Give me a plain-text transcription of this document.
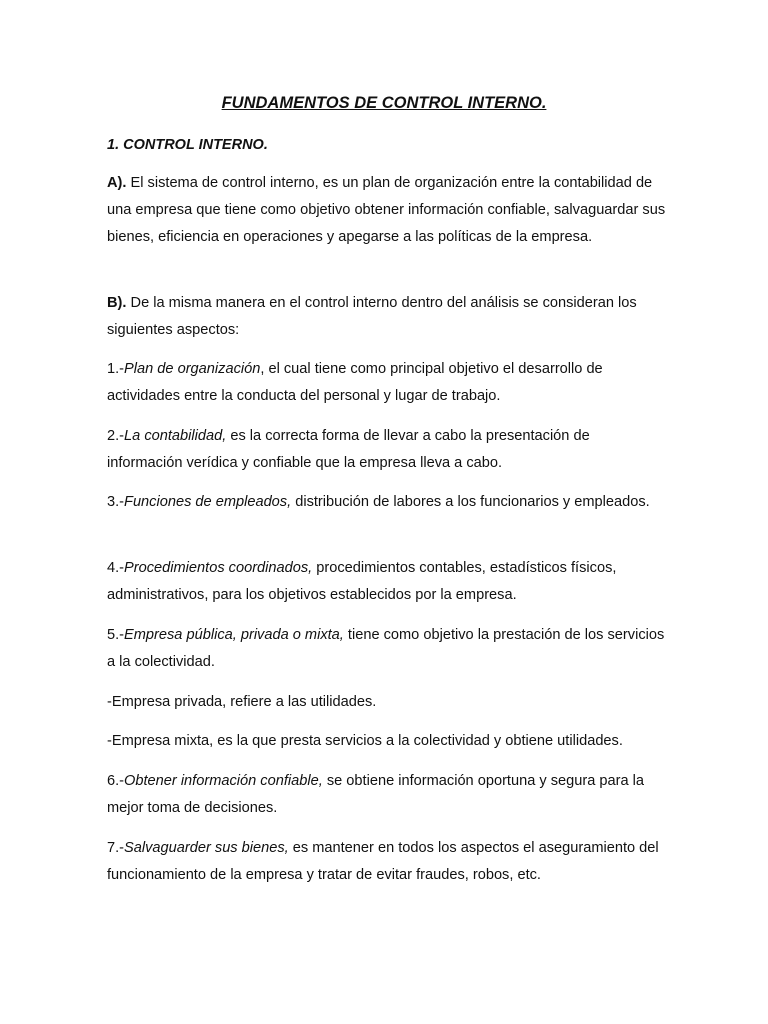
FUNDAMENTOS DE CONTROL INTERNO.
1. CONTROL INTERNO.

A). El sistema de control interno, es un plan de organización entre la contabilidad de una empresa que tiene como objetivo obtener información confiable, salvaguardar sus bienes, eficiencia en operaciones y apegarse a las políticas de la empresa.

B). De la misma manera en el control interno dentro del análisis se consideran los siguientes aspectos:

1.-Plan de organización, el cual tiene como principal objetivo el desarrollo de actividades entre la conducta del personal y lugar de trabajo.

2.-La contabilidad, es la correcta forma de llevar a cabo la presentación de información verídica y confiable que la empresa lleva a cabo.

3.-Funciones de empleados, distribución de labores a los funcionarios y empleados.

4.-Procedimientos coordinados, procedimientos contables, estadísticos físicos, administrativos, para los objetivos establecidos por la empresa.

5.-Empresa pública, privada o mixta, tiene como objetivo la prestación de los servicios a la colectividad.

-Empresa privada, refiere a las utilidades.

-Empresa mixta, es la que presta servicios a la colectividad y obtiene utilidades.

6.-Obtener información confiable, se obtiene información oportuna y segura para la mejor toma de decisiones.

7.-Salvaguarder sus bienes, es mantener en todos los aspectos el aseguramiento del funcionamiento de la empresa y tratar de evitar fraudes, robos, etc.
